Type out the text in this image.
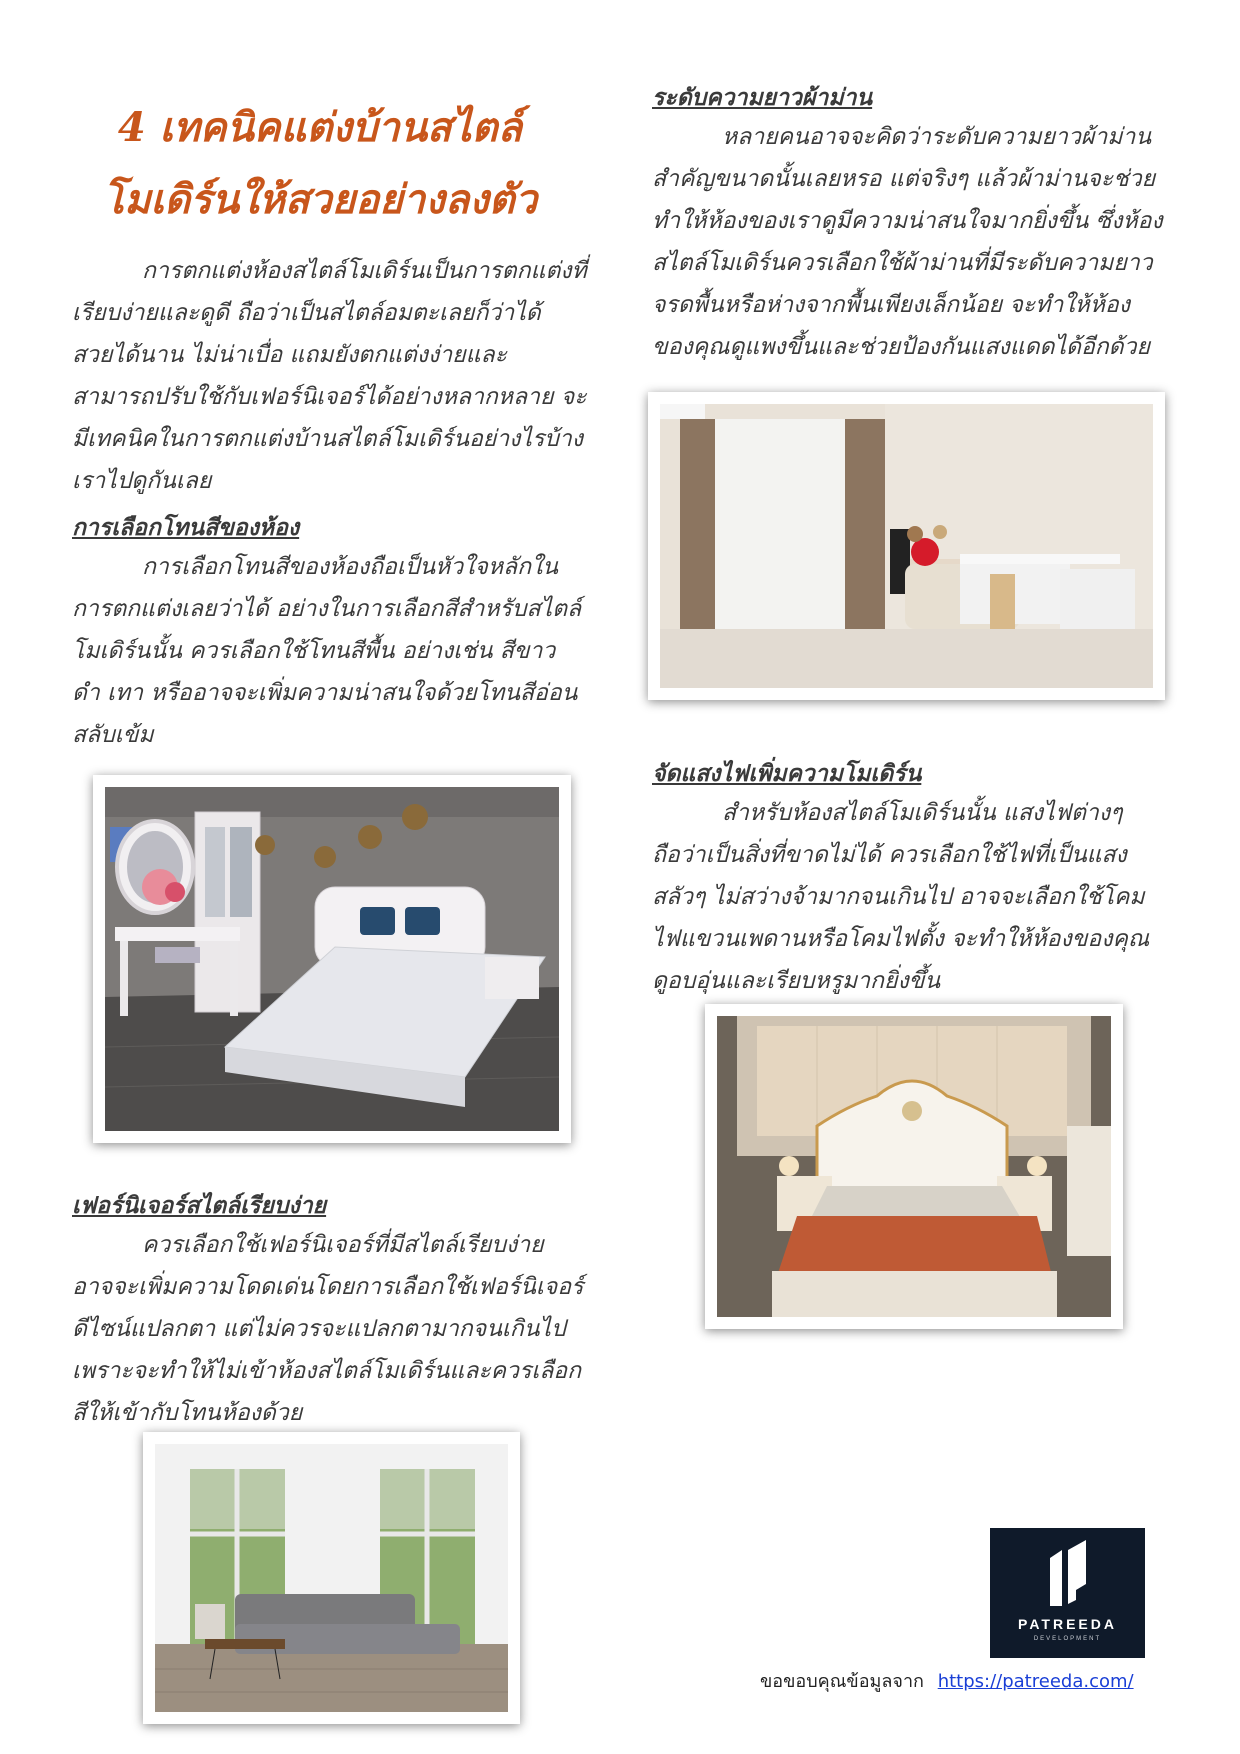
4 เทคนิคแต่งบ้านสไตล์
โมเดิร์นให้สวยอย่างลงตัว

การตกแต่งห้องสไตล์โมเดิร์นเป็นการตกแต่งที่เรียบง่ายและดูดี ถือว่าเป็นสไตล์อมตะเลยก็ว่าได้ สวยได้นาน ไม่น่าเบื่อ แถมยังตกแต่งง่ายและสามารถปรับใช้กับเฟอร์นิเจอร์ได้อย่างหลากหลาย จะมีเทคนิคในการตกแต่งบ้านสไตล์โมเดิร์นอย่างไรบ้าง เราไปดูกันเลย

การเลือกโทนสีของห้อง

การเลือกโทนสีของห้องถือเป็นหัวใจหลักในการตกแต่งเลยว่าได้ อย่างในการเลือกสีสำหรับสไตล์โมเดิร์นนั้น ควรเลือกใช้โทนสีพื้น อย่างเช่น สีขาว ดำ เทา หรืออาจจะเพิ่มความน่าสนใจด้วยโทนสีอ่อนสลับเข้ม

เฟอร์นิเจอร์สไตล์เรียบง่าย

ควรเลือกใช้เฟอร์นิเจอร์ที่มีสไตล์เรียบง่าย อาจจะเพิ่มความโดดเด่นโดยการเลือกใช้เฟอร์นิเจอร์ดีไซน์แปลกตา แต่ไม่ควรจะแปลกตามากจนเกินไป เพราะจะทำให้ไม่เข้าห้องสไตล์โมเดิร์นและควรเลือกสีให้เข้ากับโทนห้องด้วย

ระดับความยาวผ้าม่าน

หลายคนอาจจะคิดว่าระดับความยาวผ้าม่านสำคัญขนาดนั้นเลยหรอ แต่จริงๆ แล้วผ้าม่านจะช่วยทำให้ห้องของเราดูมีความน่าสนใจมากยิ่งขึ้น ซึ่งห้องสไตล์โมเดิร์นควรเลือกใช้ผ้าม่านที่มีระดับความยาวจรดพื้นหรือห่างจากพื้นเพียงเล็กน้อย จะทำให้ห้องของคุณดูแพงขึ้นและช่วยป้องกันแสงแดดได้อีกด้วย

จัดแสงไฟเพิ่มความโมเดิร์น

สำหรับห้องสไตล์โมเดิร์นนั้น แสงไฟต่างๆ ถือว่าเป็นสิ่งที่ขาดไม่ได้ ควรเลือกใช้ไฟที่เป็นแสงสลัวๆ ไม่สว่างจ้ามากจนเกินไป อาจจะเลือกใช้โคมไฟแขวนเพดานหรือโคมไฟตั้ง จะทำให้ห้องของคุณดูอบอุ่นและเรียบหรูมากยิ่งขึ้น

PATREEDA
DEVELOPMENT
ขอขอบคุณข้อมูลจาก https://patreeda.com/
